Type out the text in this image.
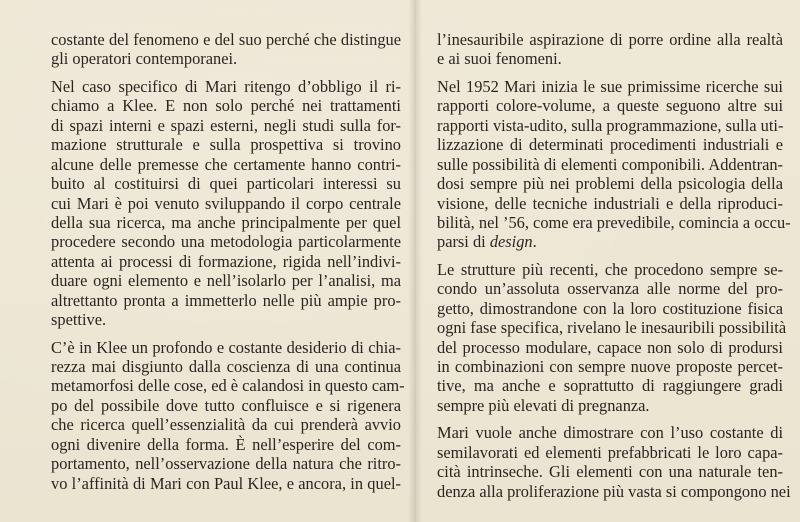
costante del fenomeno e del suo perché che distingue
gli operatori contemporanei.
Nel caso specifico di Mari ritengo d’obbligo il ri-
chiamo a Klee. E non solo perché nei trattamenti
di spazi interni e spazi esterni, negli studi sulla for-
mazione strutturale e sulla prospettiva si trovino
alcune delle premesse che certamente hanno contri-
buito al costituirsi di quei particolari interessi su
cui Mari è poi venuto sviluppando il corpo centrale
della sua ricerca, ma anche principalmente per quel
procedere secondo una metodologia particolarmente
attenta ai processi di formazione, rigida nell’indivi-
duare ogni elemento e nell’isolarlo per l’analisi, ma
altrettanto pronta a immetterlo nelle più ampie pro-
spettive.
C’è in Klee un profondo e costante desiderio di chia-
rezza mai disgiunto dalla coscienza di una continua
metamorfosi delle cose, ed è calandosi in questo cam-
po del possibile dove tutto confluisce e si rigenera
che ricerca quell’essenzialità da cui prenderà avvio
ogni divenire della forma. È nell’esperire del com-
portamento, nell’osservazione della natura che ritro-
vo l’affinità di Mari con Paul Klee, e ancora, in quel-
l’inesauribile aspirazione di porre ordine alla realtà
e ai suoi fenomeni.
Nel 1952 Mari inizia le sue primissime ricerche sui
rapporti colore-volume, a queste seguono altre sui
rapporti vista-udito, sulla programmazione, sulla uti-
lizzazione di determinati procedimenti industriali e
sulle possibilità di elementi componibili. Addentran-
dosi sempre più nei problemi della psicologia della
visione, delle tecniche industriali e della riproduci-
bilità, nel ’56, come era prevedibile, comincia a occu-
parsi di design.
Le strutture più recenti, che procedono sempre se-
condo un’assoluta osservanza alle norme del pro-
getto, dimostrandone con la loro costituzione fisica
ogni fase specifica, rivelano le inesauribili possibilità
del processo modulare, capace non solo di prodursi
in combinazioni con sempre nuove proposte percet-
tive, ma anche e soprattutto di raggiungere gradi
sempre più elevati di pregnanza.
Mari vuole anche dimostrare con l’uso costante di
semilavorati ed elementi prefabbricati le loro capa-
cità intrinseche. Gli elementi con una naturale ten-
denza alla proliferazione più vasta si compongono nei
